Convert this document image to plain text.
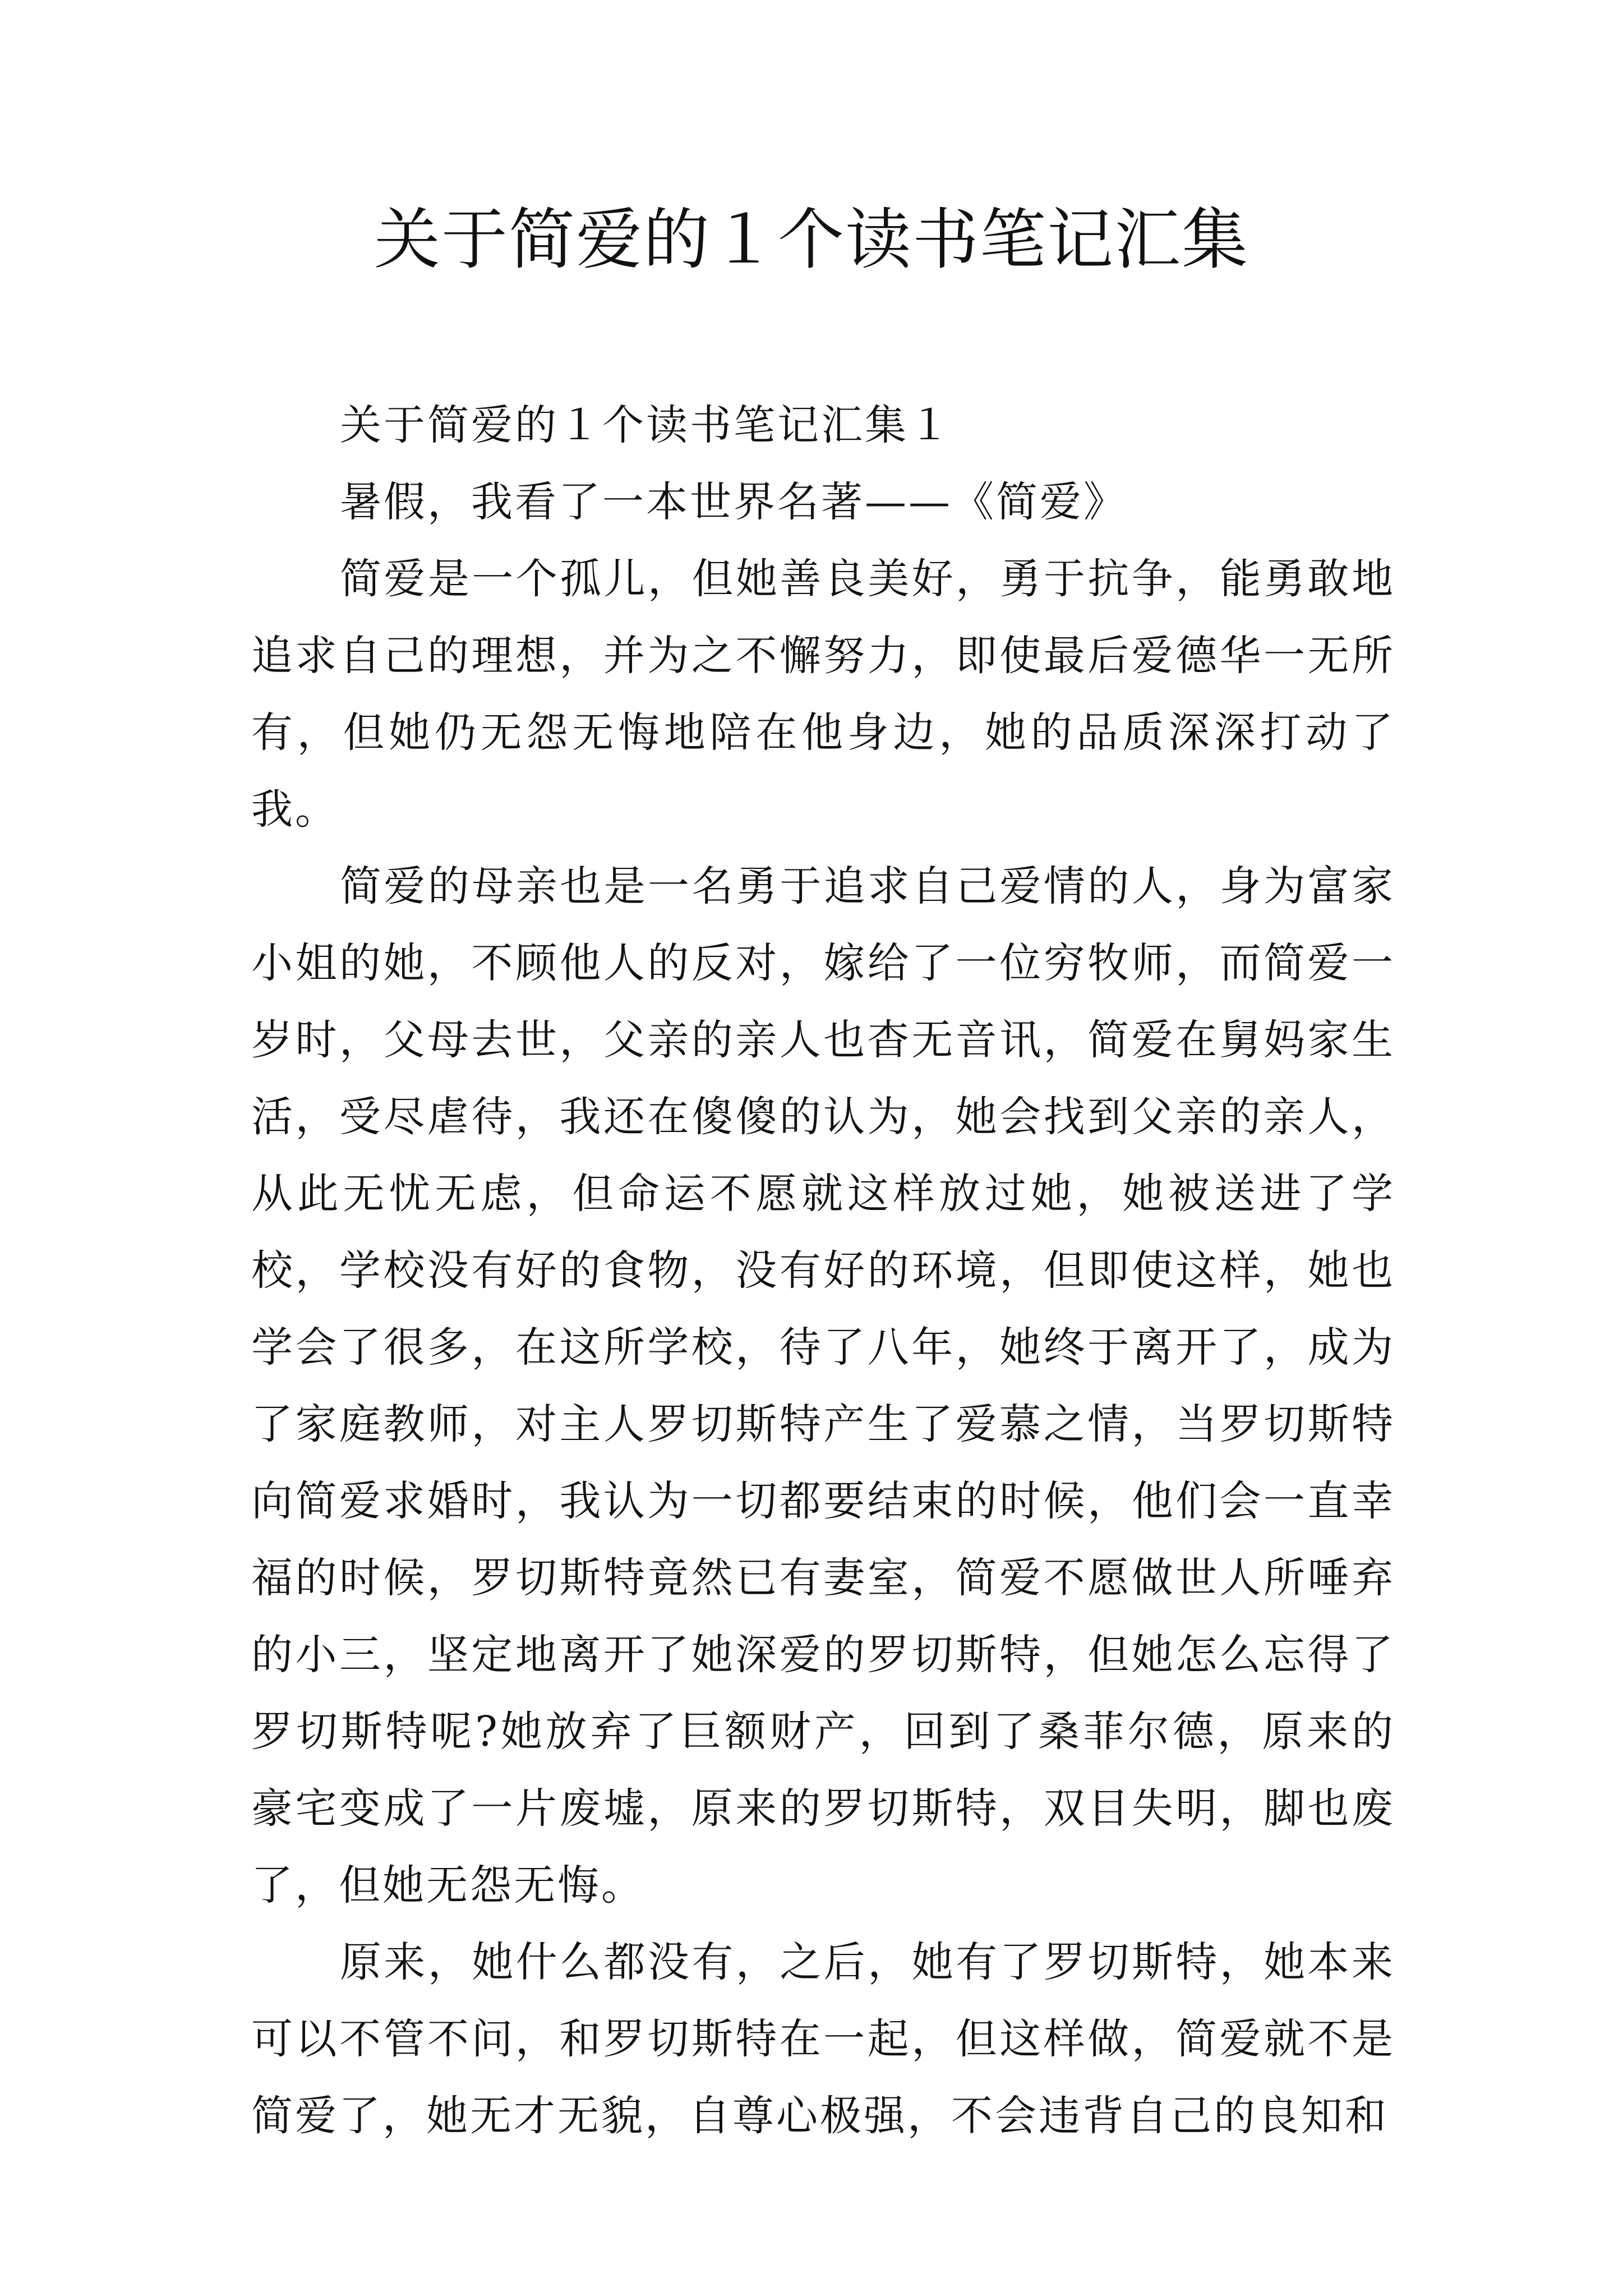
关于简爱的１个读书笔记汇集

关于简爱的１个读书笔记汇集１

暑假，我看了一本世界名著——《简爱》

简爱是一个孤儿，但她善良美好，勇于抗争，能勇敢地追求自己的理想，并为之不懈努力，即使最后爱德华一无所有，但她仍无怨无悔地陪在他身边，她的品质深深打动了我。

简爱的母亲也是一名勇于追求自己爱情的人，身为富家小姐的她，不顾他人的反对，嫁给了一位穷牧师，而简爱一岁时，父母去世，父亲的亲人也杳无音讯，简爱在舅妈家生活，受尽虐待，我还在傻傻的认为，她会找到父亲的亲人，从此无忧无虑，但命运不愿就这样放过她，她被送进了学校，学校没有好的食物，没有好的环境，但即使这样，她也学会了很多，在这所学校，待了八年，她终于离开了，成为了家庭教师，对主人罗切斯特产生了爱慕之情，当罗切斯特向简爱求婚时，我认为一切都要结束的时候，他们会一直幸福的时候，罗切斯特竟然已有妻室，简爱不愿做世人所唾弃的小三，坚定地离开了她深爱的罗切斯特，但她怎么忘得了罗切斯特呢?她放弃了巨额财产，回到了桑菲尔德，原来的豪宅变成了一片废墟，原来的罗切斯特，双目失明，脚也废了，但她无怨无悔。

原来，她什么都没有，之后，她有了罗切斯特，她本来可以不管不问，和罗切斯特在一起，但这样做，简爱就不是简爱了，她无才无貌，自尊心极强，不会违背自己的良知和
